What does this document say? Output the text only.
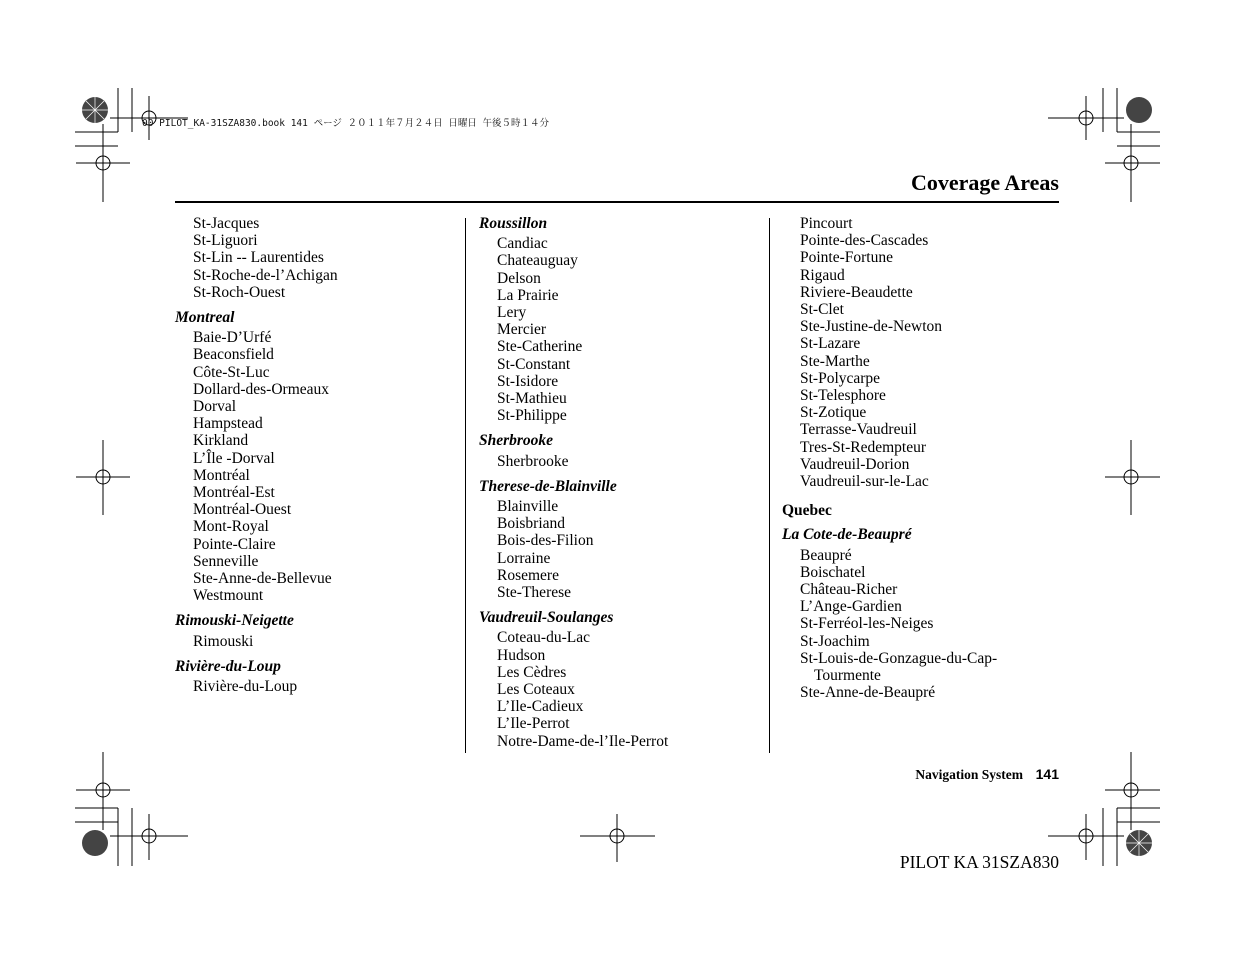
00 PILOT_KA-31SZA830.book 141 ページ ２０１１年７月２４日 日曜日 午後５時１４分
Coverage Areas
St-Jacques
St-Liguori
St-Lin -- Laurentides
St-Roche-de-l’Achigan
St-Roch-Ouest
Montreal
Baie-D’Urfé
Beaconsfield
Côte-St-Luc
Dollard-des-Ormeaux
Dorval
Hampstead
Kirkland
L’Île -Dorval
Montréal
Montréal-Est
Montréal-Ouest
Mont-Royal
Pointe-Claire
Senneville
Ste-Anne-de-Bellevue
Westmount
Rimouski-Neigette
Rimouski
Rivière-du-Loup
Rivière-du-Loup
Roussillon
Candiac
Chateauguay
Delson
La Prairie
Lery
Mercier
Ste-Catherine
St-Constant
St-Isidore
St-Mathieu
St-Philippe
Sherbrooke
Sherbrooke
Therese-de-Blainville
Blainville
Boisbriand
Bois-des-Filion
Lorraine
Rosemere
Ste-Therese
Vaudreuil-Soulanges
Coteau-du-Lac
Hudson
Les Cèdres
Les Coteaux
L’Ile-Cadieux
L’Ile-Perrot
Notre-Dame-de-l’Ile-Perrot
Pincourt
Pointe-des-Cascades
Pointe-Fortune
Rigaud
Riviere-Beaudette
St-Clet
Ste-Justine-de-Newton
St-Lazare
Ste-Marthe
St-Polycarpe
St-Telesphore
St-Zotique
Terrasse-Vaudreuil
Tres-St-Redempteur
Vaudreuil-Dorion
Vaudreuil-sur-le-Lac
Quebec
La Cote-de-Beaupré
Beaupré
Boischatel
Château-Richer
L’Ange-Gardien
St-Ferréol-les-Neiges
St-Joachim
St-Louis-de-Gonzague-du-Cap-
Tourmente
Ste-Anne-de-Beaupré
Navigation System 141
PILOT KA 31SZA830
